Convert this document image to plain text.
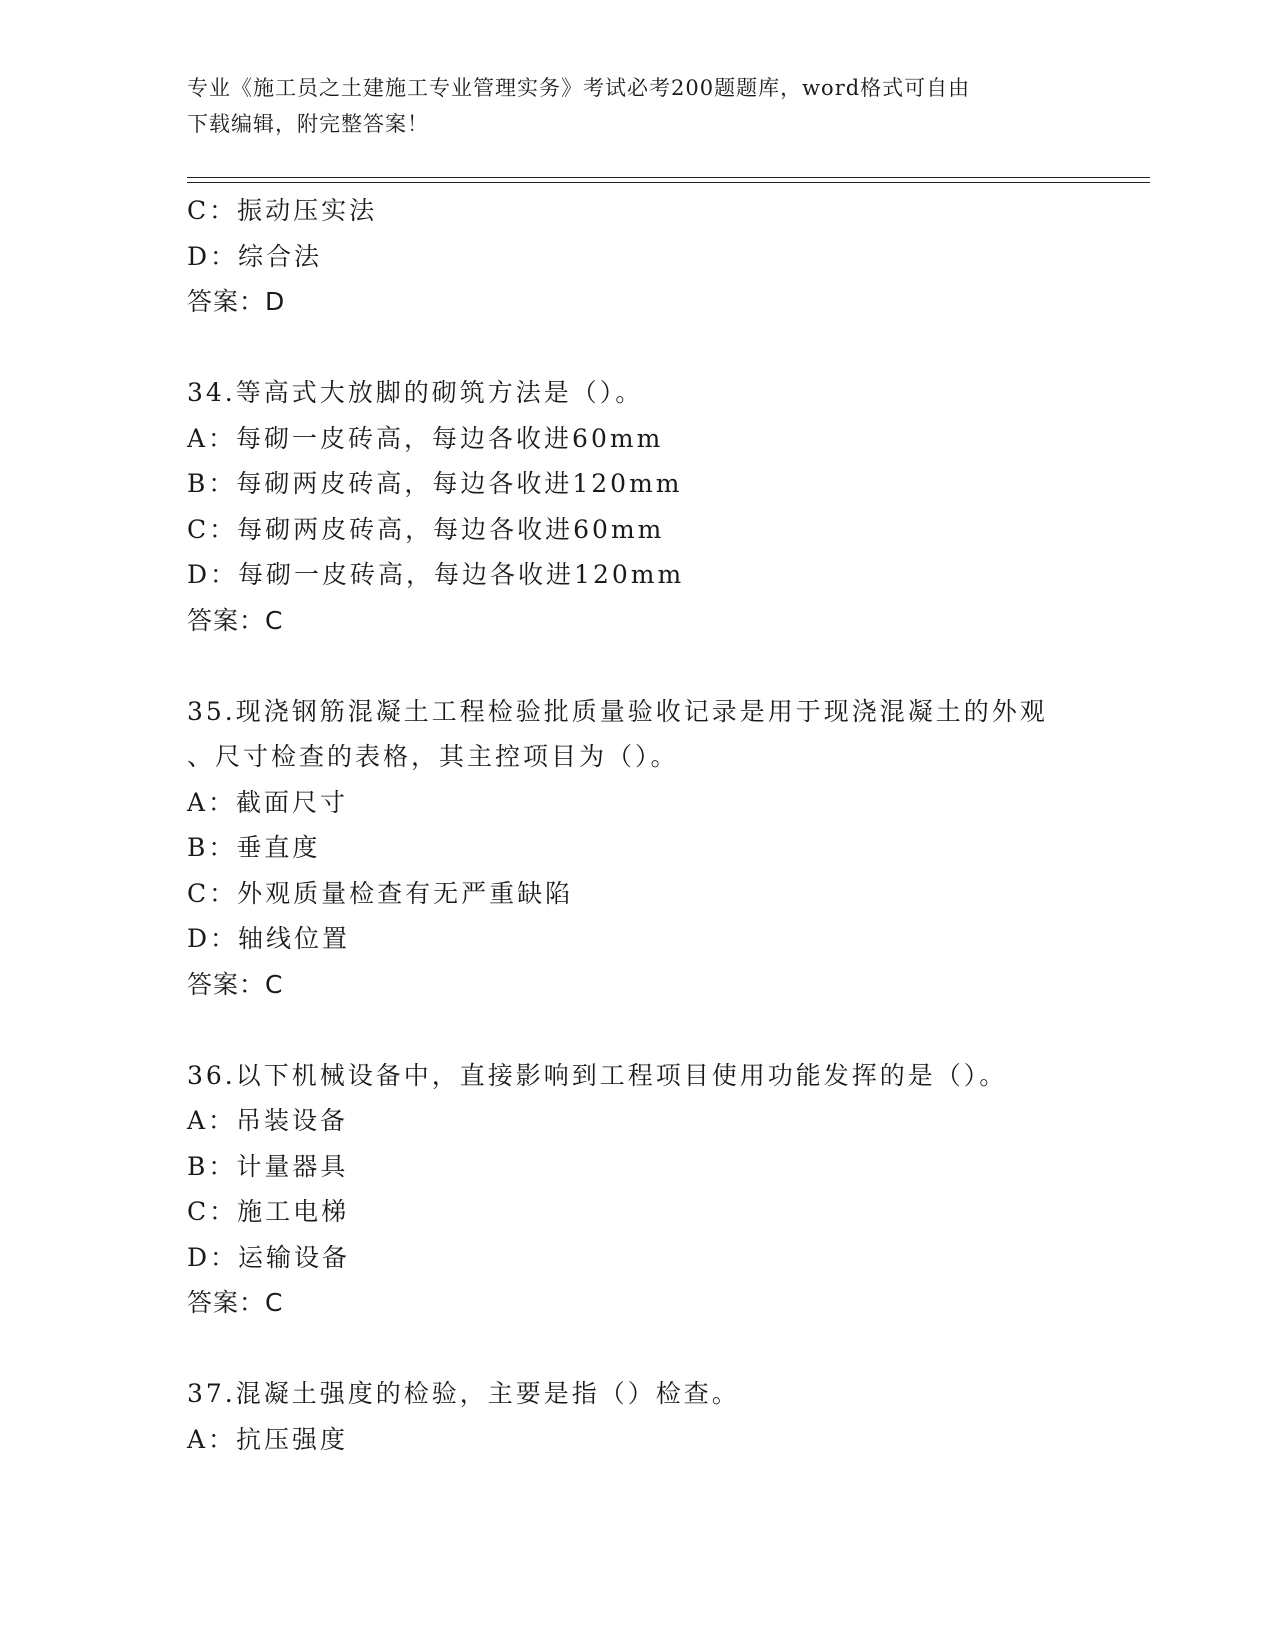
专业《施工员之土建施工专业管理实务》考试必考200题题库，word格式可自由
下载编辑，附完整答案！
C：振动压实法
D：综合法
答案：D
34.等高式大放脚的砌筑方法是（）。
A：每砌一皮砖高，每边各收进60mm
B：每砌两皮砖高，每边各收进120mm
C：每砌两皮砖高，每边各收进60mm
D：每砌一皮砖高，每边各收进120mm
答案：C
35.现浇钢筋混凝土工程检验批质量验收记录是用于现浇混凝土的外观
、尺寸检查的表格，其主控项目为（）。
A：截面尺寸
B：垂直度
C：外观质量检查有无严重缺陷
D：轴线位置
答案：C
36.以下机械设备中，直接影响到工程项目使用功能发挥的是（）。
A：吊装设备
B：计量器具
C：施工电梯
D：运输设备
答案：C
37.混凝土强度的检验，主要是指（）检查。
A：抗压强度
